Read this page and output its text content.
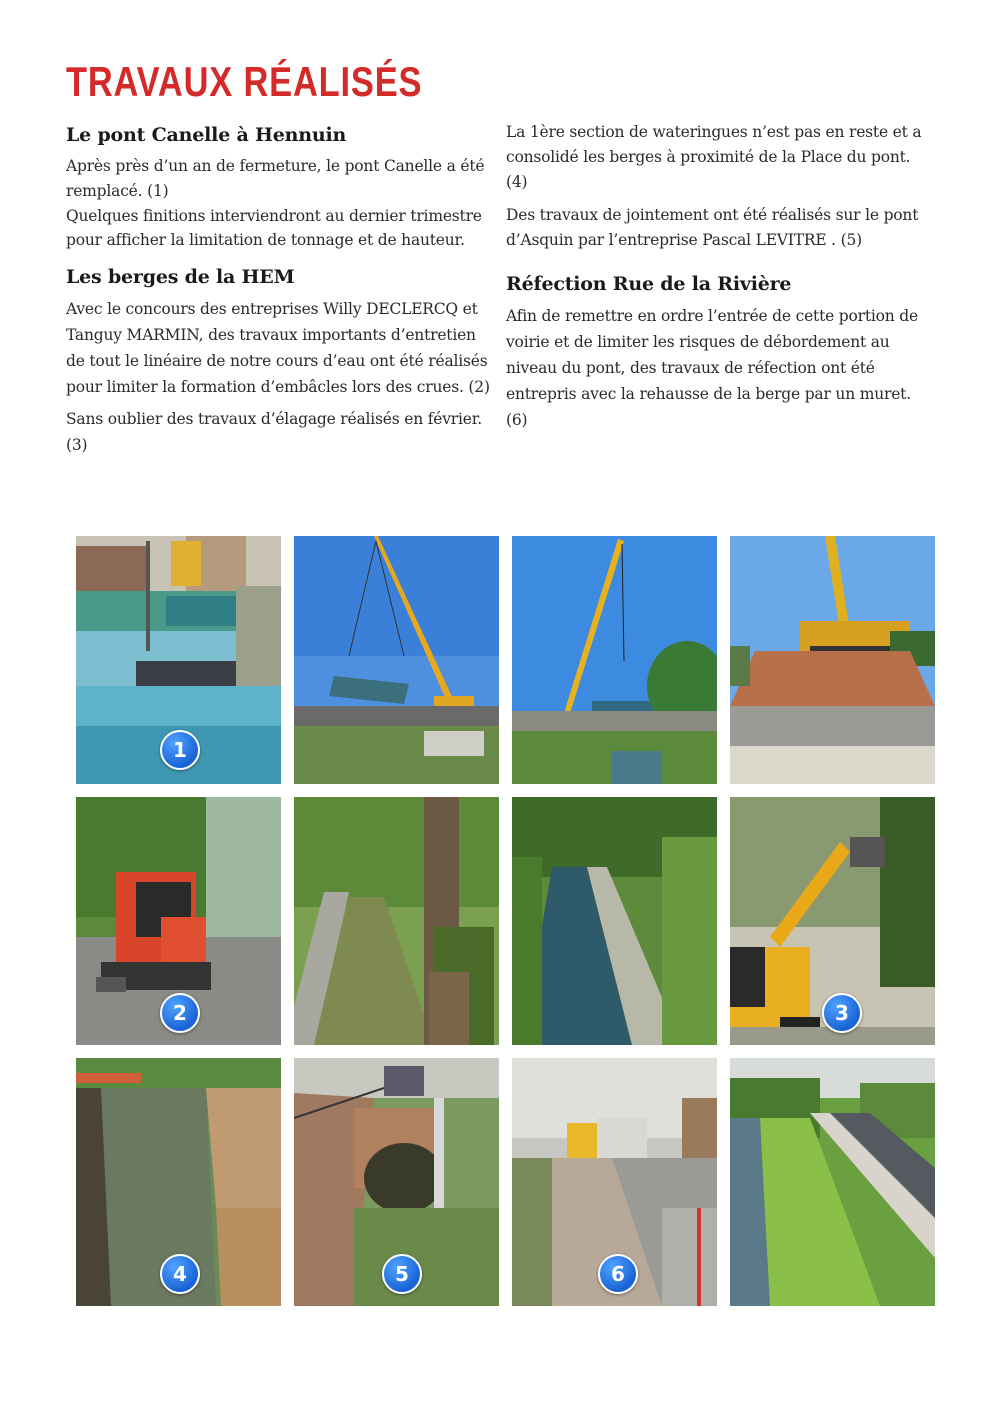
TRAVAUX RÉALISÉS
Le pont Canelle à Hennuin

Après près d’un an de fermeture, le pont Canelle a été remplacé. (1)

Quelques finitions interviendront au dernier trimestre pour afficher la limitation de tonnage et de hauteur.

Les berges de la HEM

Avec le concours des entreprises Willy DECLERCQ et Tanguy MARMIN, des travaux importants d’entretien de tout le linéaire de notre cours d’eau ont été réalisés pour limiter la formation d’embâcles lors des crues. (2)

Sans oublier des travaux d’élagage réalisés en février. (3)

La 1ère section de wateringues n’est pas en reste et a consolidé les berges à proximité de la Place du pont. (4)

Des travaux de jointement ont été réalisés sur le pont d’Asquin par l’entreprise Pascal LEVITRE . (5)

Réfection Rue de la Rivière

Afin de remettre en ordre l’entrée de cette portion de voirie et de limiter les risques de débordement au niveau du pont, des travaux de réfection ont été entrepris avec la rehausse de la berge par un muret. (6)

1
2	3
4	5	6
